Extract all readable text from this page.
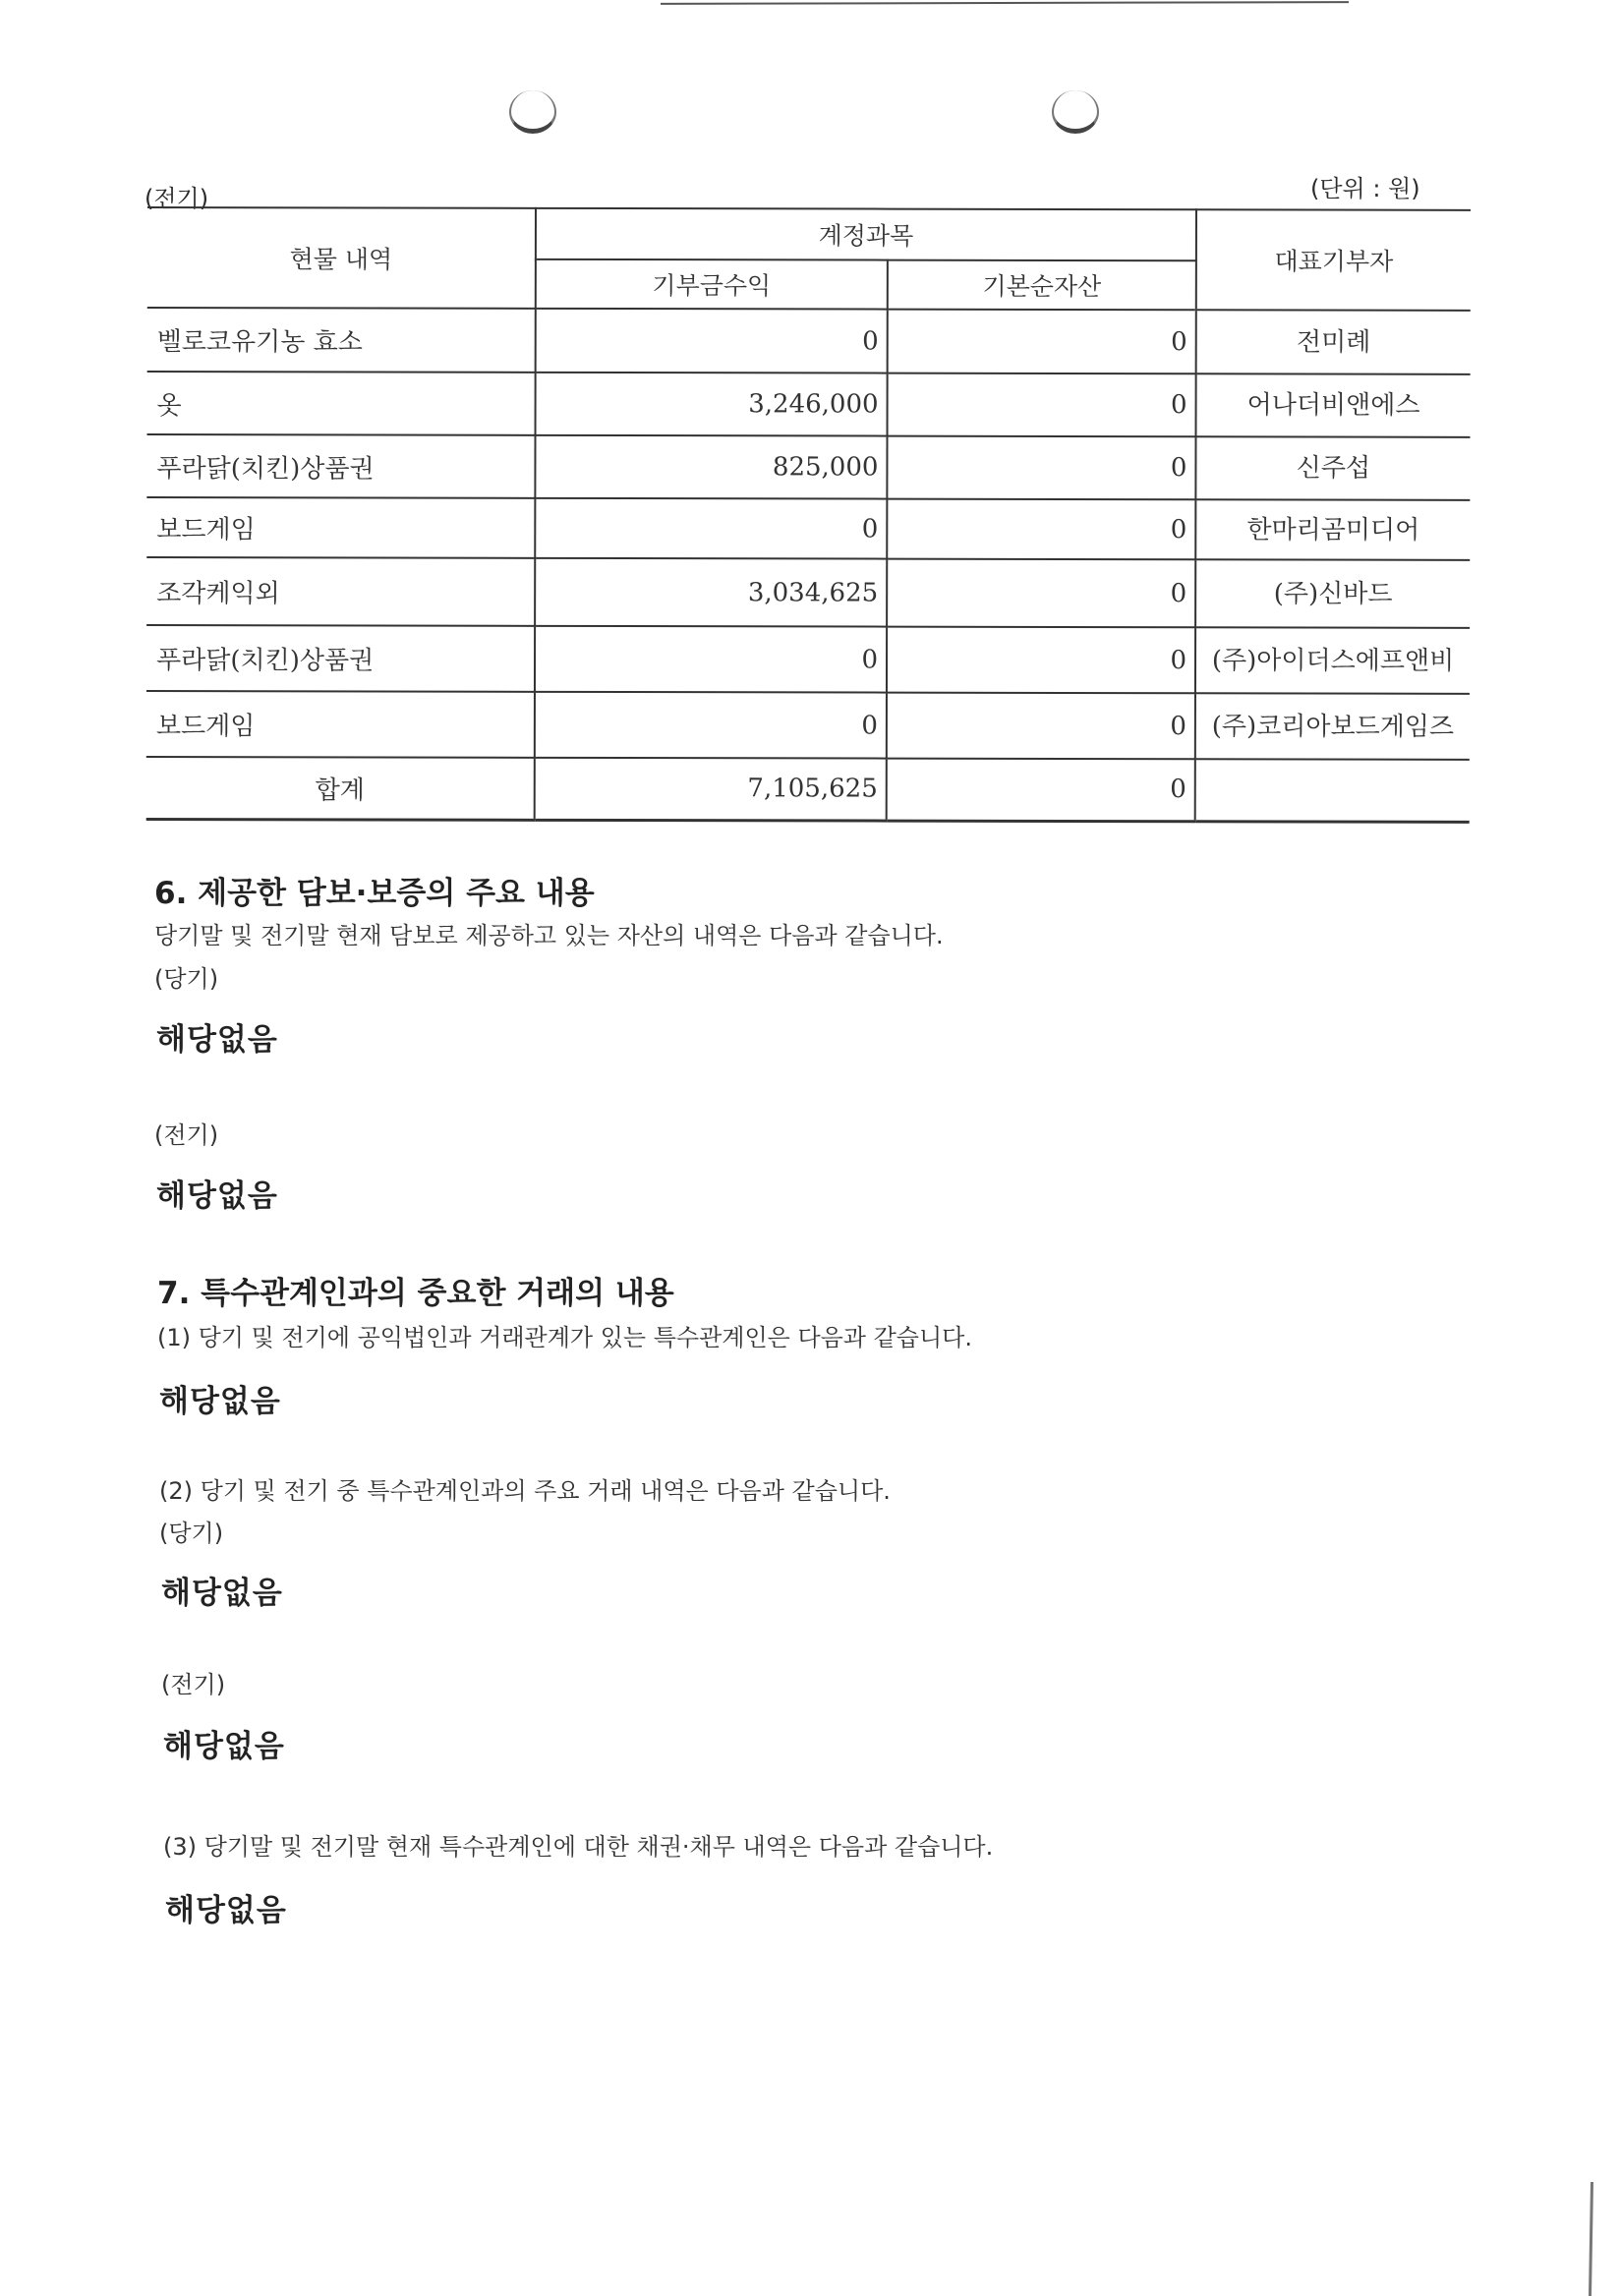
(전기)	(단위 : 원)
현물 내역	계정과목		대표기부자
	기부금수익	기본순자산	
벨로코유기농 효소	0	0	전미례
옷	3,246,000	0	어나더비앤에스
푸라닭(치킨)상품권	825,000	0	신주섭
보드게임	0	0	한마리곰미디어
조각케익외	3,034,625	0	(주)신바드
푸라닭(치킨)상품권	0	0	(주)아이더스에프앤비
보드게임	0	0	(주)코리아보드게임즈
합계	7,105,625	0	
6. 제공한 담보·보증의 주요 내용
당기말 및 전기말 현재 담보로 제공하고 있는 자산의 내역은 다음과 같습니다.
(당기)
해당없음
(전기)
해당없음
7. 특수관계인과의 중요한 거래의 내용
(1) 당기 및 전기에 공익법인과 거래관계가 있는 특수관계인은 다음과 같습니다.
해당없음
(2) 당기 및 전기 중 특수관계인과의 주요 거래 내역은 다음과 같습니다.
(당기)
해당없음
(전기)
해당없음
(3) 당기말 및 전기말 현재 특수관계인에 대한 채권·채무 내역은 다음과 같습니다.
해당없음
